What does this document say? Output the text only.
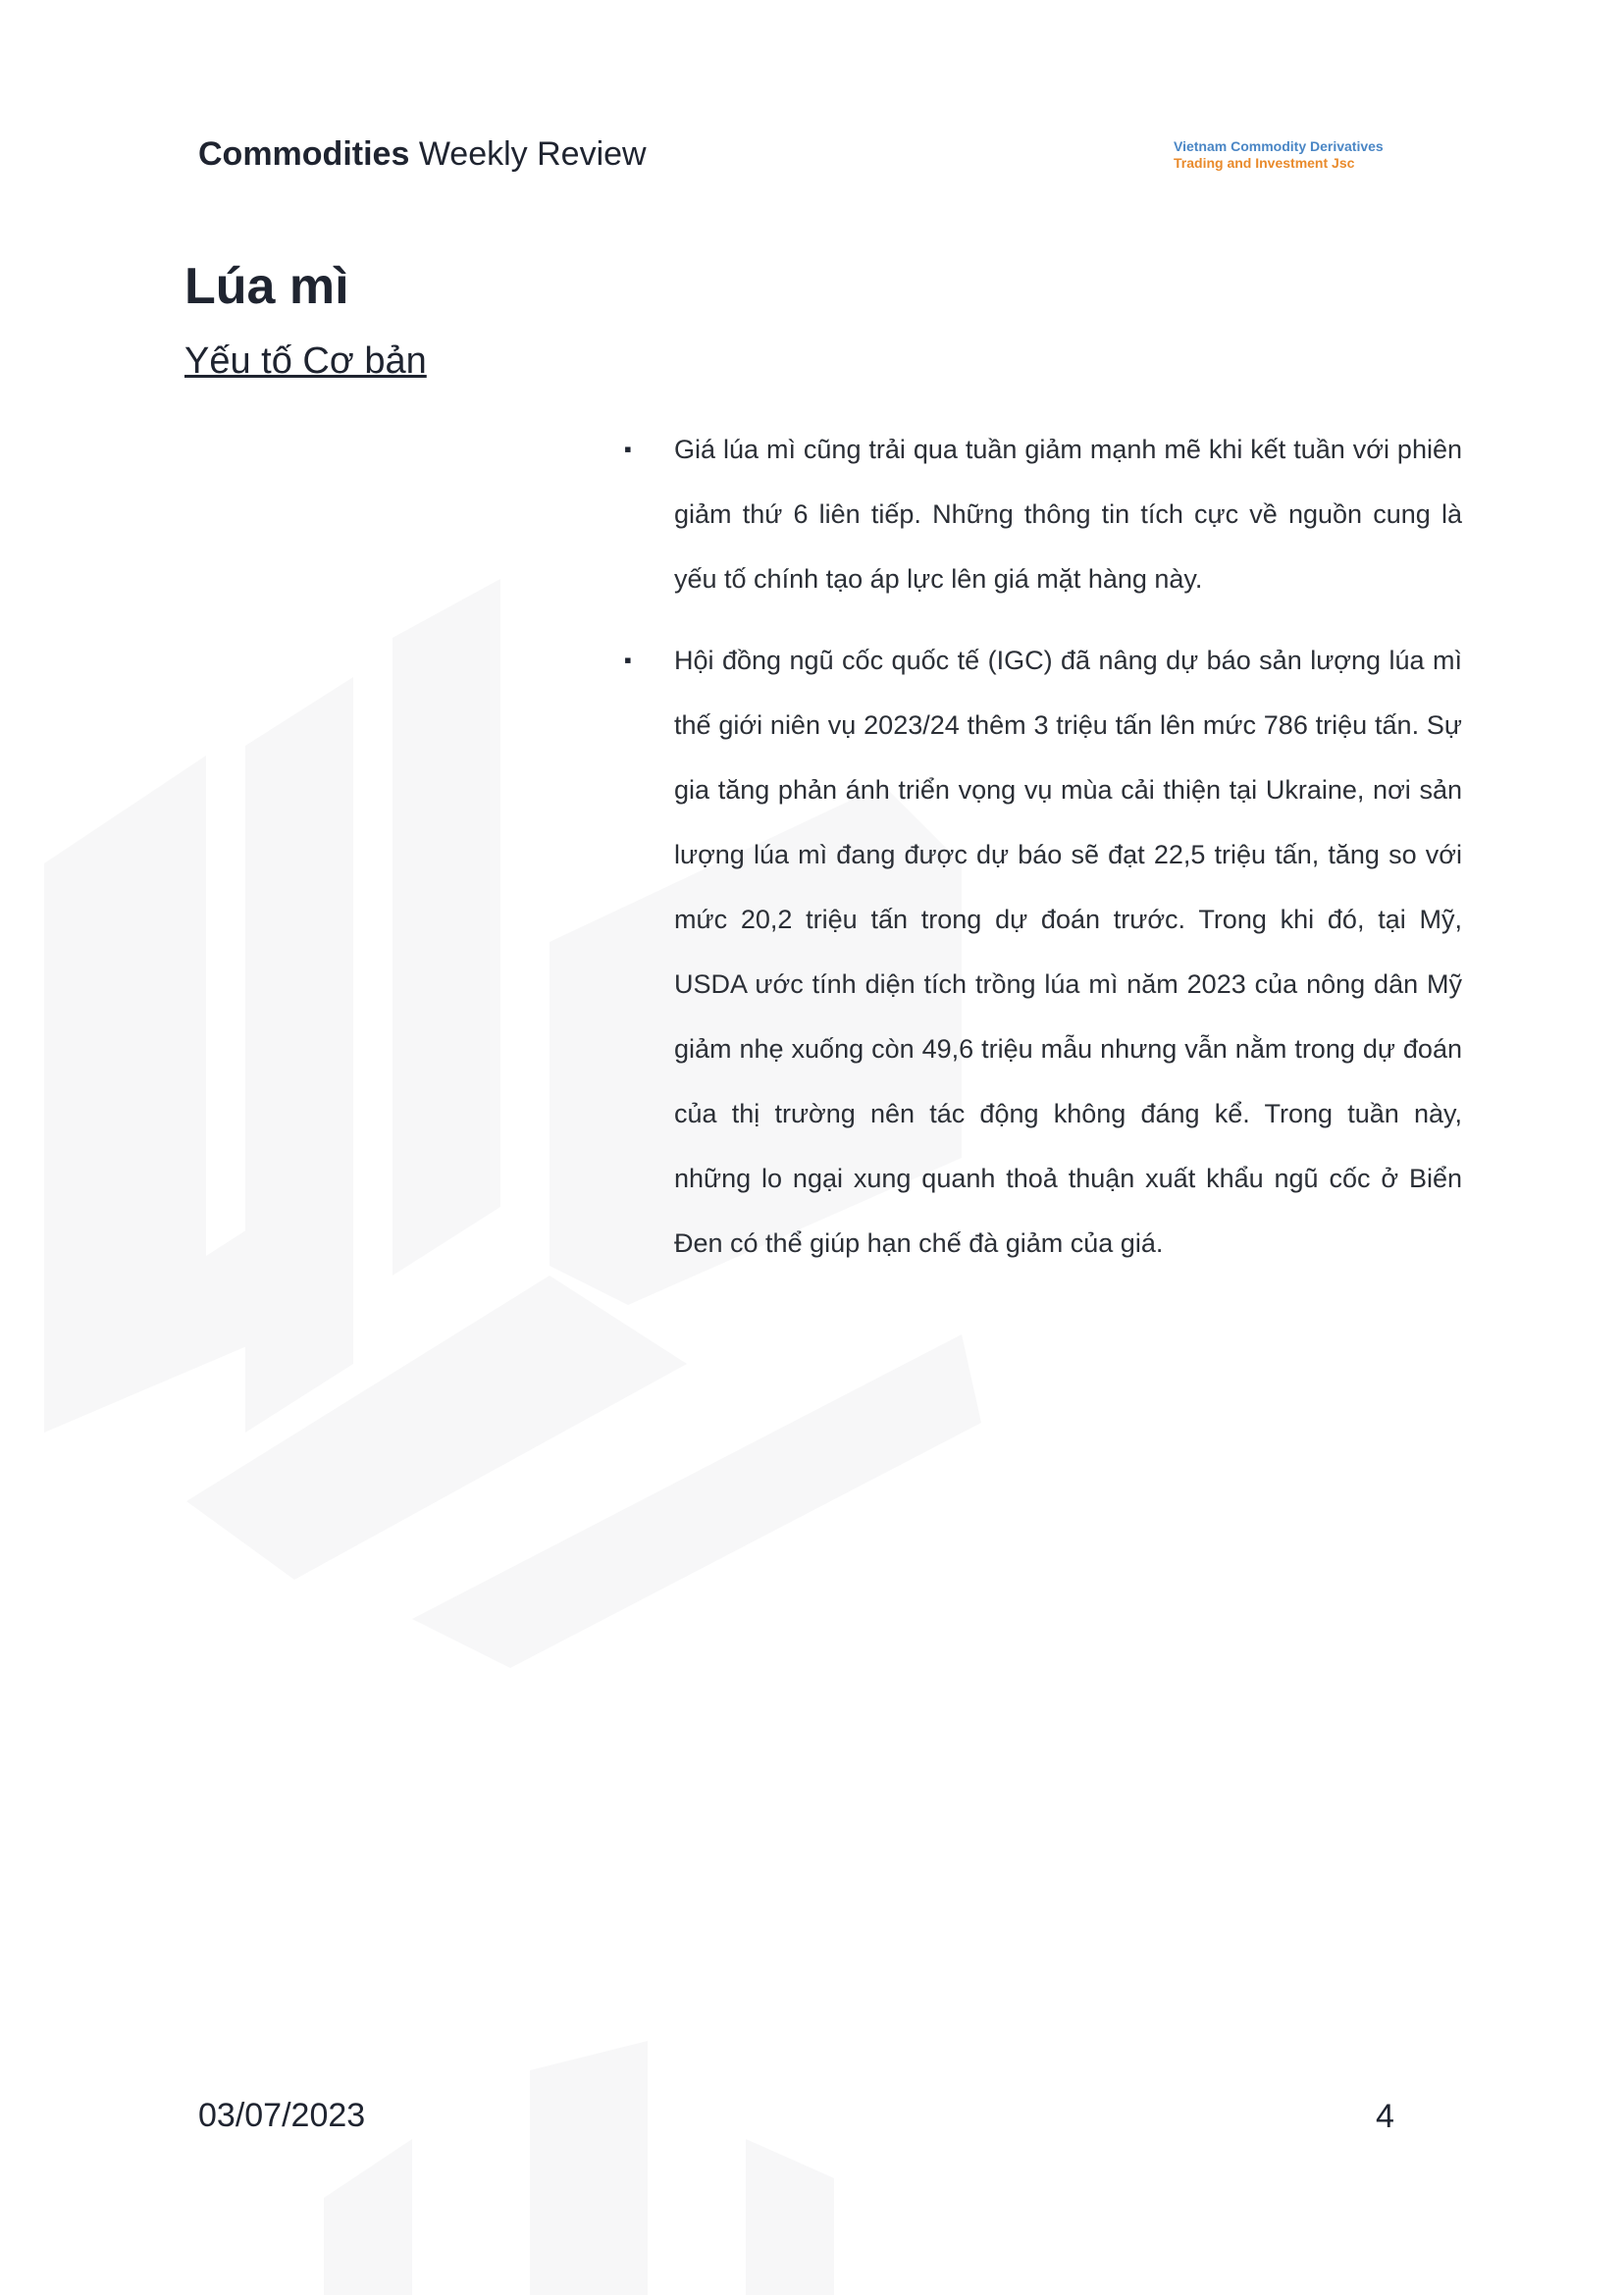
Commodities Weekly Review	Vietnam Commodity Derivatives
Trading and Investment Jsc
Lúa mì
Yếu tố Cơ bản
▪ Giá lúa mì cũng trải qua tuần giảm mạnh mẽ khi kết tuần với phiên giảm thứ 6 liên tiếp. Những thông tin tích cực về nguồn cung là yếu tố chính tạo áp lực lên giá mặt hàng này.
▪ Hội đồng ngũ cốc quốc tế (IGC) đã nâng dự báo sản lượng lúa mì thế giới niên vụ 2023/24 thêm 3 triệu tấn lên mức 786 triệu tấn. Sự gia tăng phản ánh triển vọng vụ mùa cải thiện tại Ukraine, nơi sản lượng lúa mì đang được dự báo sẽ đạt 22,5 triệu tấn, tăng so với mức 20,2 triệu tấn trong dự đoán trước. Trong khi đó, tại Mỹ, USDA ước tính diện tích trồng lúa mì năm 2023 của nông dân Mỹ giảm nhẹ xuống còn 49,6 triệu mẫu nhưng vẫn nằm trong dự đoán của thị trường nên tác động không đáng kể. Trong tuần này, những lo ngại xung quanh thoả thuận xuất khẩu ngũ cốc ở Biển Đen có thể giúp hạn chế đà giảm của giá.
03/07/2023	4
